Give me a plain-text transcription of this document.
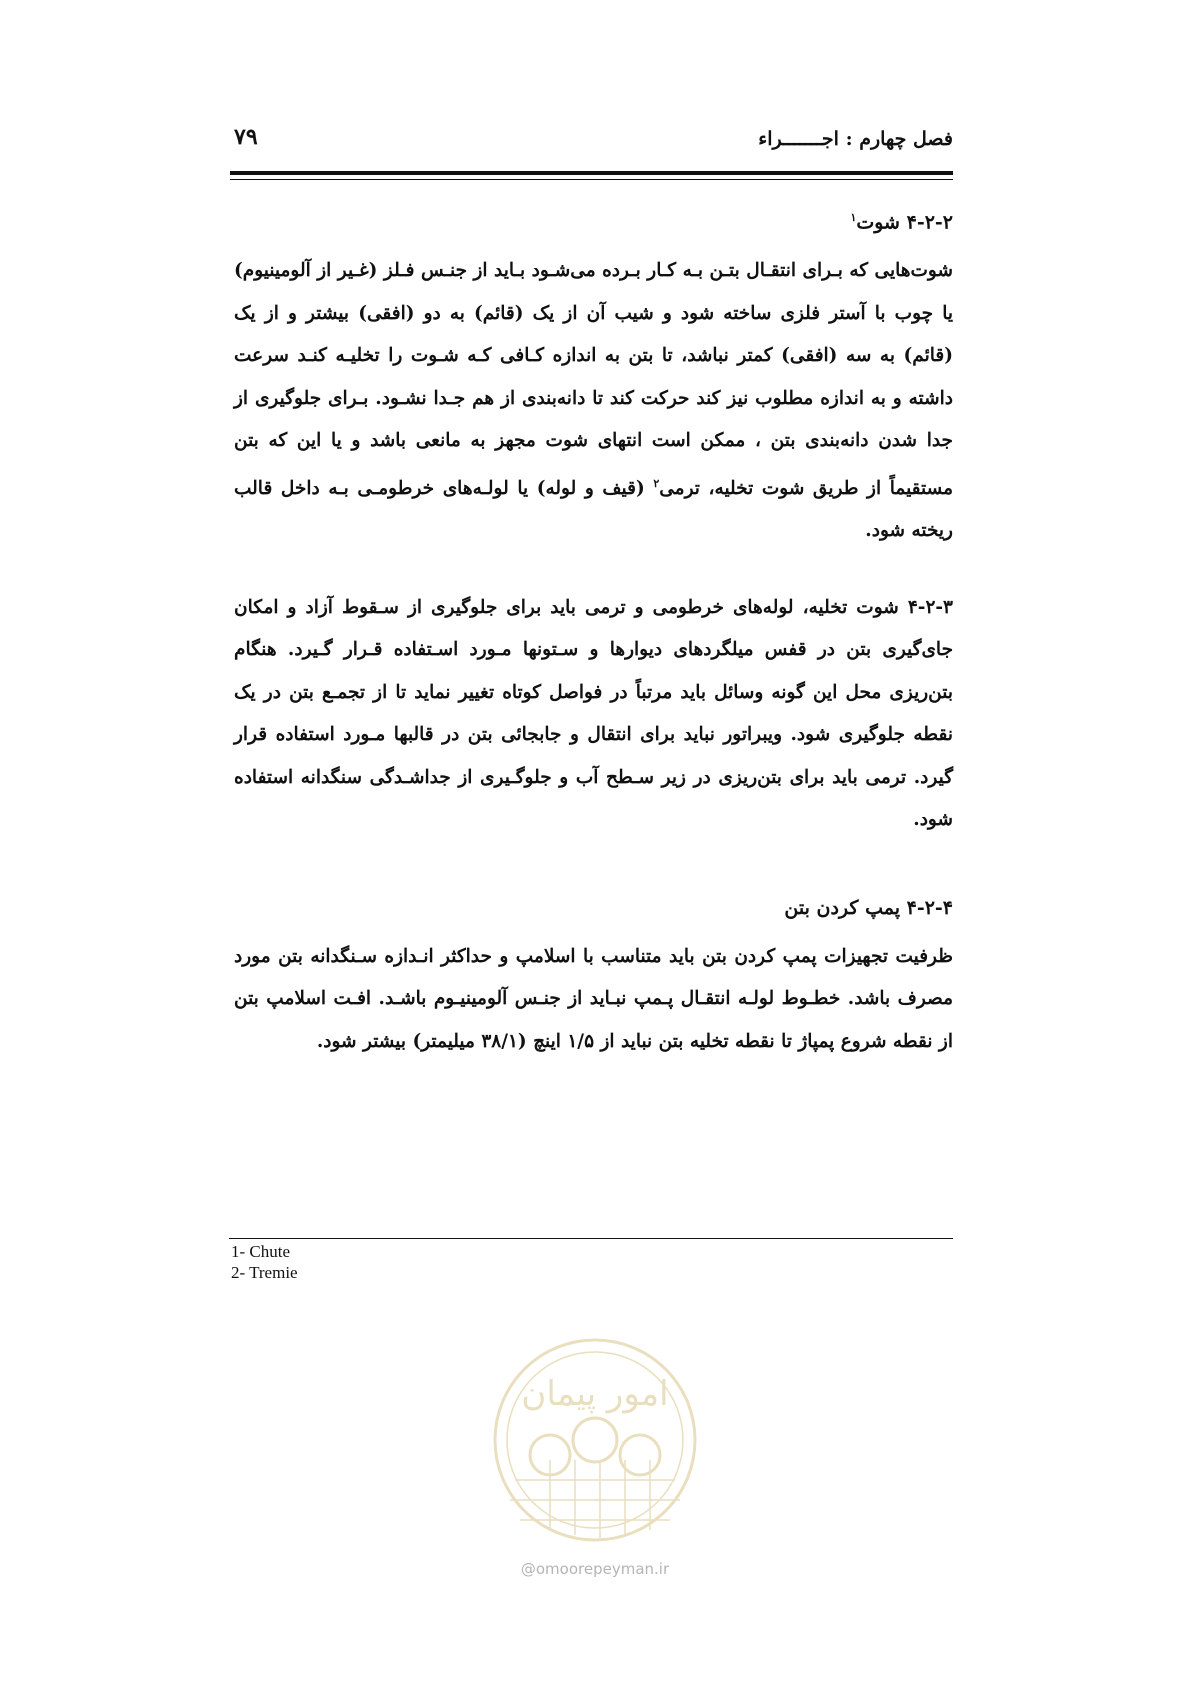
فصل چهارم : اجـــــــراء
۷۹

۴-۲-۲ شوت$^۱$

شوت‌هایی که بـرای انتقـال بتـن بـه کـار بـرده می‌شـود بـاید از جنـس فـلز (غـیر از آلومینیوم) یا چوب با آستر فلزی ساخته شود و شیب آن از یک (قائم) به دو (افقی) بیشتر و از یک (قائم) به سه (افقی) کمتر نباشد، تا بتن به اندازه کـافی کـه شـوت را تخلیـه کنـد سرعت داشته و به اندازه مطلوب نیز کند حرکت کند تا دانه‌بندی از هم جـدا نشـود. بـرای جلوگیری از جدا شدن دانه‌بندی بتن ، ممکن است انتهای شوت مجهز به مانعی باشد و یا این که بتن مستقیماً از طریق شوت تخلیه، ترمی$^۲$ (قیف و لوله) یا لولـه‌های خرطومـی بـه داخل قالب ریخته شود.

۴-۲-۳ شوت تخلیه، لوله‌های خرطومی و ترمی باید برای جلوگیری از سـقوط آزاد و امکان جای‌گیری بتن در قفس میلگردهای دیوارها و سـتونها مـورد اسـتفاده قـرار گـیرد. هنگام بتن‌ریزی محل این گونه وسائل باید مرتباً در فواصل کوتاه تغییر نماید تا از تجمـع بتن در یک نقطه جلوگیری شود. ویبراتور نباید برای انتقال و جابجائی بتن در قالبها مـورد استفاده قرار گیرد. ترمی باید برای بتن‌ریزی در زیر سـطح آب و جلوگـیری از جداشـدگی سنگدانه استفاده شود.

۴-۲-۴ پمپ کردن بتن

ظرفیت تجهیزات پمپ کردن بتن باید متناسب با اسلامپ و حداکثر انـدازه سـنگدانه بتن مورد مصرف باشد. خطـوط لولـه انتقـال پـمپ نبـاید از جنـس آلومینیـوم باشـد. افـت اسلامپ بتن از نقطه شروع پمپاژ تا نقطه تخلیه بتن نباید از ۱/۵ اینچ (۳۸/۱ میلیمتر) بیشتر شود.

1- Chute
2- Tremie
امور پیمان
@omoorepeyman.ir
